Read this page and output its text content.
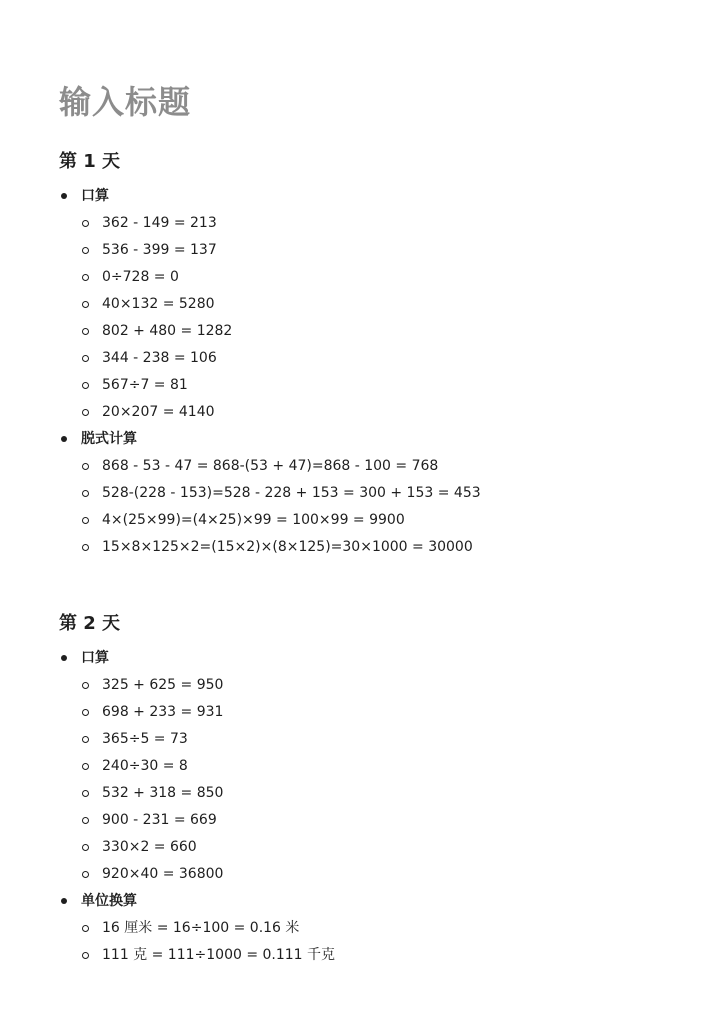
输入标题
第 1 天
口算
362 - 149 = 213
536 - 399 = 137
0÷728 = 0
40×132 = 5280
802 + 480 = 1282
344 - 238 = 106
567÷7 = 81
20×207 = 4140
脱式计算
868 - 53 - 47 = 868-(53 + 47)=868 - 100 = 768
528-(228 - 153)=528 - 228 + 153 = 300 + 153 = 453
4×(25×99)=(4×25)×99 = 100×99 = 9900
15×8×125×2=(15×2)×(8×125)=30×1000 = 30000
第 2 天
口算
325 + 625 = 950
698 + 233 = 931
365÷5 = 73
240÷30 = 8
532 + 318 = 850
900 - 231 = 669
330×2 = 660
920×40 = 36800
单位换算
16 厘米 = 16÷100 = 0.16 米
111 克 = 111÷1000 = 0.111 千克
